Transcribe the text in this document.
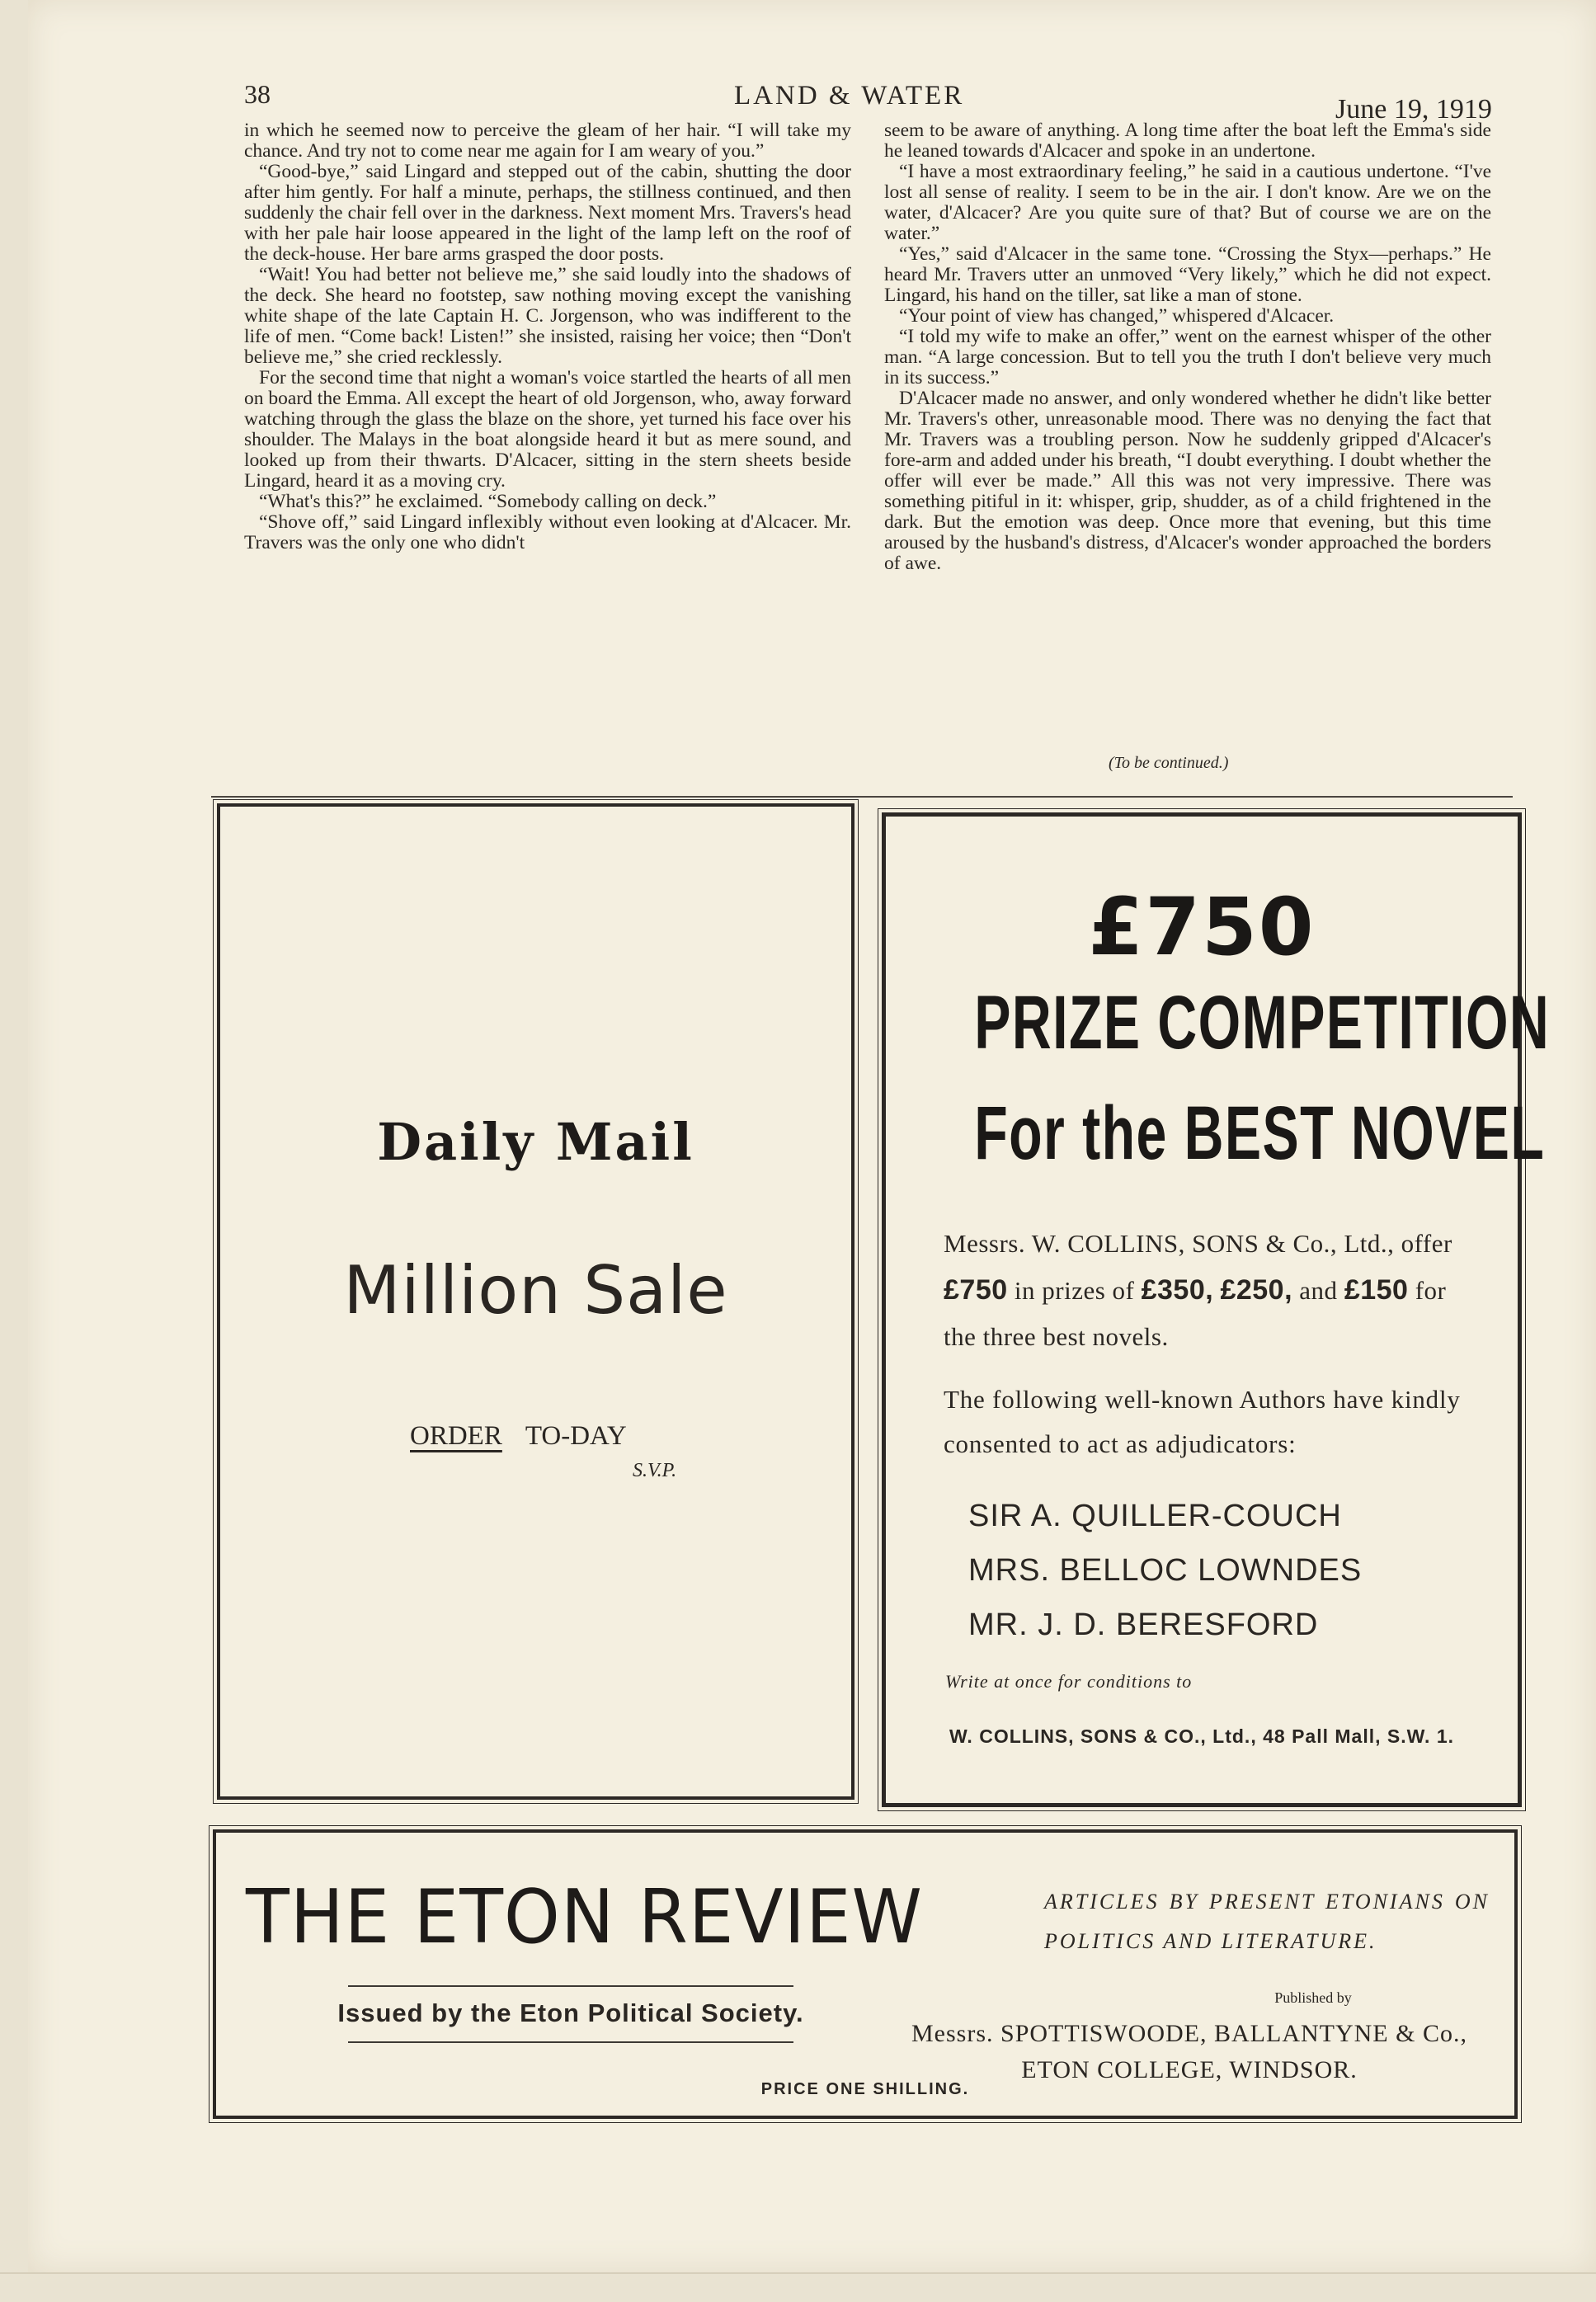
38	LAND & WATER	June 19, 1919

in which he seemed now to perceive the gleam of her hair. “I will take my chance. And try not to come near me again for I am weary of you.”

“Good-bye,” said Lingard and stepped out of the cabin, shutting the door after him gently. For half a minute, perhaps, the stillness continued, and then suddenly the chair fell over in the darkness. Next moment Mrs. Travers's head with her pale hair loose appeared in the light of the lamp left on the roof of the deck-house. Her bare arms grasped the door posts.

“Wait! You had better not believe me,” she said loudly into the shadows of the deck. She heard no footstep, saw nothing moving except the vanishing white shape of the late Captain H. C. Jorgenson, who was indifferent to the life of men. “Come back! Listen!” she insisted, raising her voice; then “Don't believe me,” she cried recklessly.

For the second time that night a woman's voice startled the hearts of all men on board the Emma. All except the heart of old Jorgenson, who, away forward watching through the glass the blaze on the shore, yet turned his face over his shoulder. The Malays in the boat alongside heard it but as mere sound, and looked up from their thwarts. D'Alcacer, sitting in the stern sheets beside Lingard, heard it as a moving cry.

“What's this?” he exclaimed. “Somebody calling on deck.”

“Shove off,” said Lingard inflexibly without even looking at d'Alcacer. Mr. Travers was the only one who didn't

seem to be aware of anything. A long time after the boat left the Emma's side he leaned towards d'Alcacer and spoke in an undertone.

“I have a most extraordinary feeling,” he said in a cautious undertone. “I've lost all sense of reality. I seem to be in the air. I don't know. Are we on the water, d'Alcacer? Are you quite sure of that? But of course we are on the water.”

“Yes,” said d'Alcacer in the same tone. “Crossing the Styx—perhaps.” He heard Mr. Travers utter an unmoved “Very likely,” which he did not expect. Lingard, his hand on the tiller, sat like a man of stone.

“Your point of view has changed,” whispered d'Alcacer.

“I told my wife to make an offer,” went on the earnest whisper of the other man. “A large concession. But to tell you the truth I don't believe very much in its success.”

D'Alcacer made no answer, and only wondered whether he didn't like better Mr. Travers's other, unreasonable mood. There was no denying the fact that Mr. Travers was a troubling person. Now he suddenly gripped d'Alcacer's fore-arm and added under his breath, “I doubt everything. I doubt whether the offer will ever be made.” All this was not very impressive. There was something pitiful in it: whisper, grip, shudder, as of a child frightened in the dark. But the emotion was deep. Once more that evening, but this time aroused by the husband's distress, d'Alcacer's wonder approached the borders of awe.

(To be continued.)
Daily Mail
Million Sale
ORDER TO-DAY
S.V.P.
£750
PRIZE COMPETITION
For the BEST NOVEL
Messrs. W. COLLINS, SONS & Co., Ltd., offer £750 in prizes of £350, £250, and £150 for the three best novels.
The following well-known Authors have kindly consented to act as adjudicators:
SIR A. QUILLER-COUCH
MRS. BELLOC LOWNDES
MR. J. D. BERESFORD
Write at once for conditions to
W. COLLINS, SONS & CO., Ltd., 48 Pall Mall, S.W. 1.
THE ETON REVIEW	ARTICLES BY PRESENT ETONIANS ON POLITICS AND LITERATURE.
Issued by the Eton Political Society.
Published by
Messrs. SPOTTISWOODE, BALLANTYNE & Co.,
ETON COLLEGE, WINDSOR.
PRICE ONE SHILLING.
